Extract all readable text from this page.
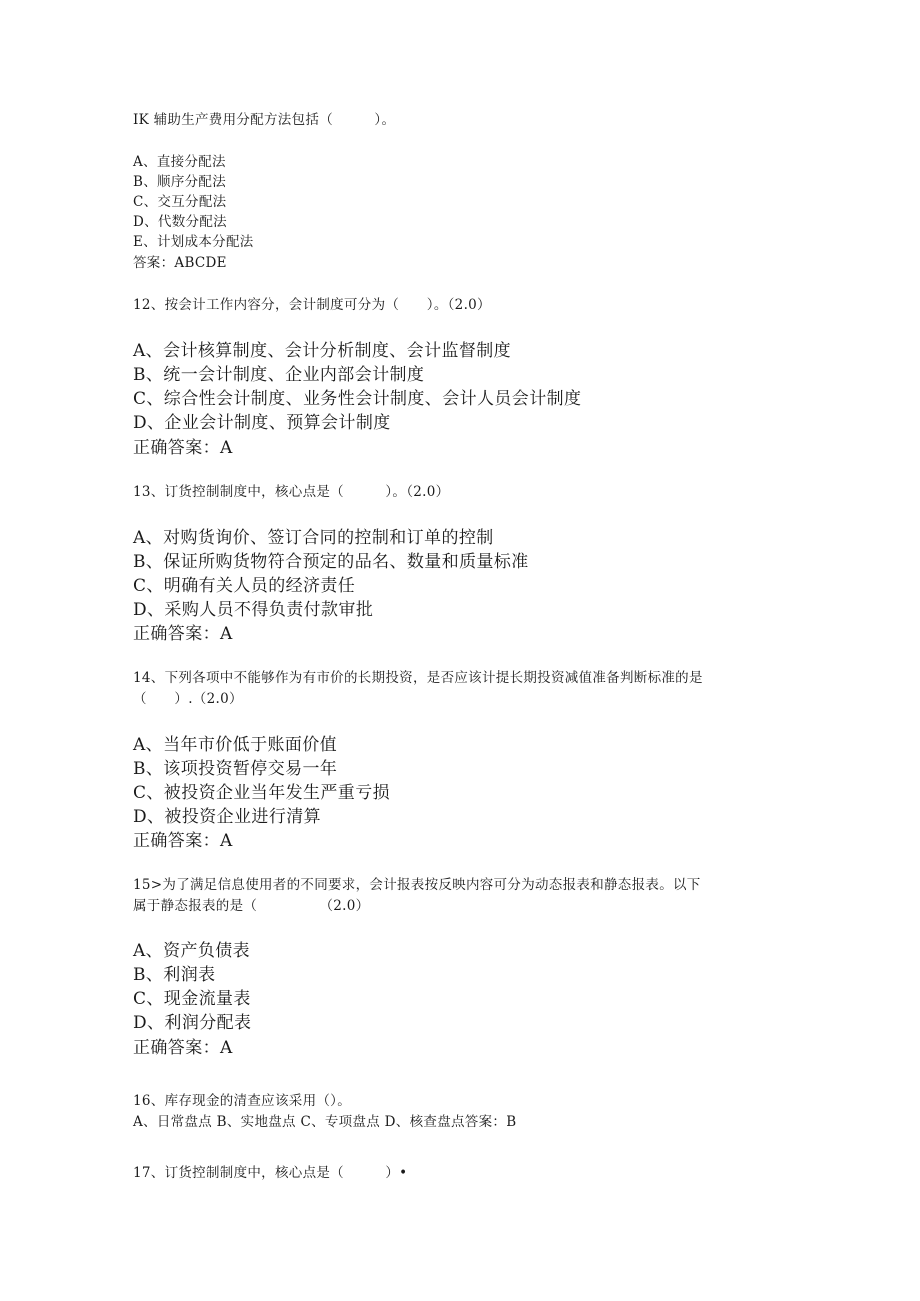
IK 辅助生产费用分配方法包括（　　　）。
A、直接分配法
B、顺序分配法
C、交互分配法
D、代数分配法
E、计划成本分配法
答案：ABCDE
12、按会计工作内容分，会计制度可分为（　　）。（2.0）
A、会计核算制度、会计分析制度、会计监督制度
B、统一会计制度、企业内部会计制度
C、综合性会计制度、业务性会计制度、会计人员会计制度
D、企业会计制度、预算会计制度
正确答案：A
13、订货控制制度中，核心点是（　　　）。（2.0）
A、对购货询价、签订合同的控制和订单的控制
B、保证所购货物符合预定的品名、数量和质量标准
C、明确有关人员的经济责任
D、采购人员不得负责付款审批
正确答案：A
14、下列各项中不能够作为有市价的长期投资，是否应该计提长期投资减值准备判断标准的是
（　　）.（2.0）
A、当年市价低于账面价值
B、该项投资暂停交易一年
C、被投资企业当年发生严重亏损
D、被投资企业进行清算
正确答案：A
15>为了满足信息使用者的不同要求，会计报表按反映内容可分为动态报表和静态报表。以下
属于静态报表的是（　　　　　（2.0）
A、资产负债表
B、利润表
C、现金流量表
D、利润分配表
正确答案：A
16、库存现金的清查应该采用（）。
A、日常盘点 B、实地盘点 C、专项盘点 D、核查盘点答案：B
17、订货控制制度中，核心点是（　　　）•
